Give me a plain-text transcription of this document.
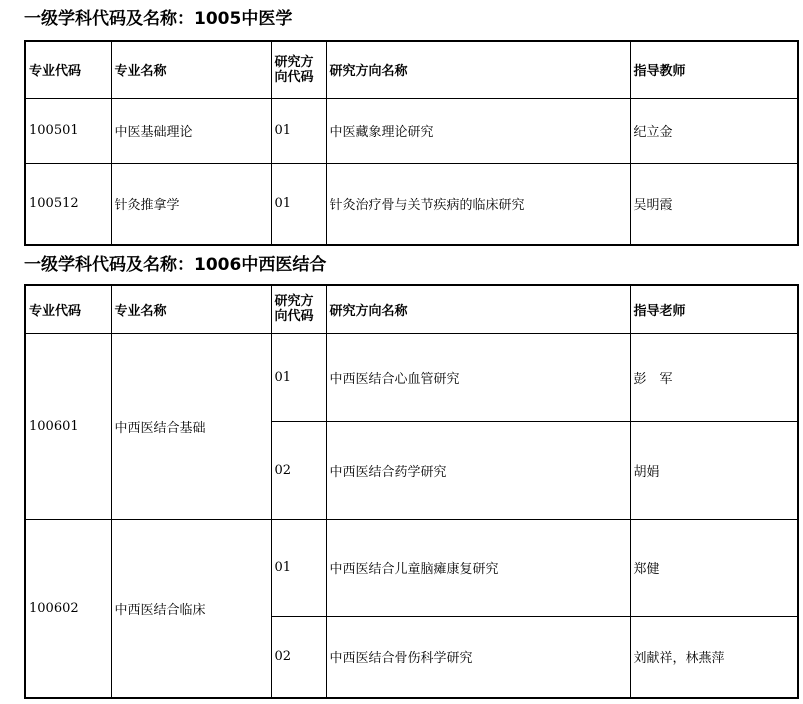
一级学科代码及名称：1005中医学
专业代码	专业名称	研究方向代码	研究方向名称	指导教师
100501	中医基础理论	01	中医藏象理论研究	纪立金
100512	针灸推拿学	01	针灸治疗骨与关节疾病的临床研究	吴明霞
一级学科代码及名称：1006中西医结合
专业代码	专业名称	研究方向代码	研究方向名称	指导老师
100601	中西医结合基础	01	中西医结合心血管研究	彭　军
		02	中西医结合药学研究	胡娟
100602	中西医结合临床	01	中西医结合儿童脑瘫康复研究	郑健
		02	中西医结合骨伤科学研究	刘献祥，林燕萍
